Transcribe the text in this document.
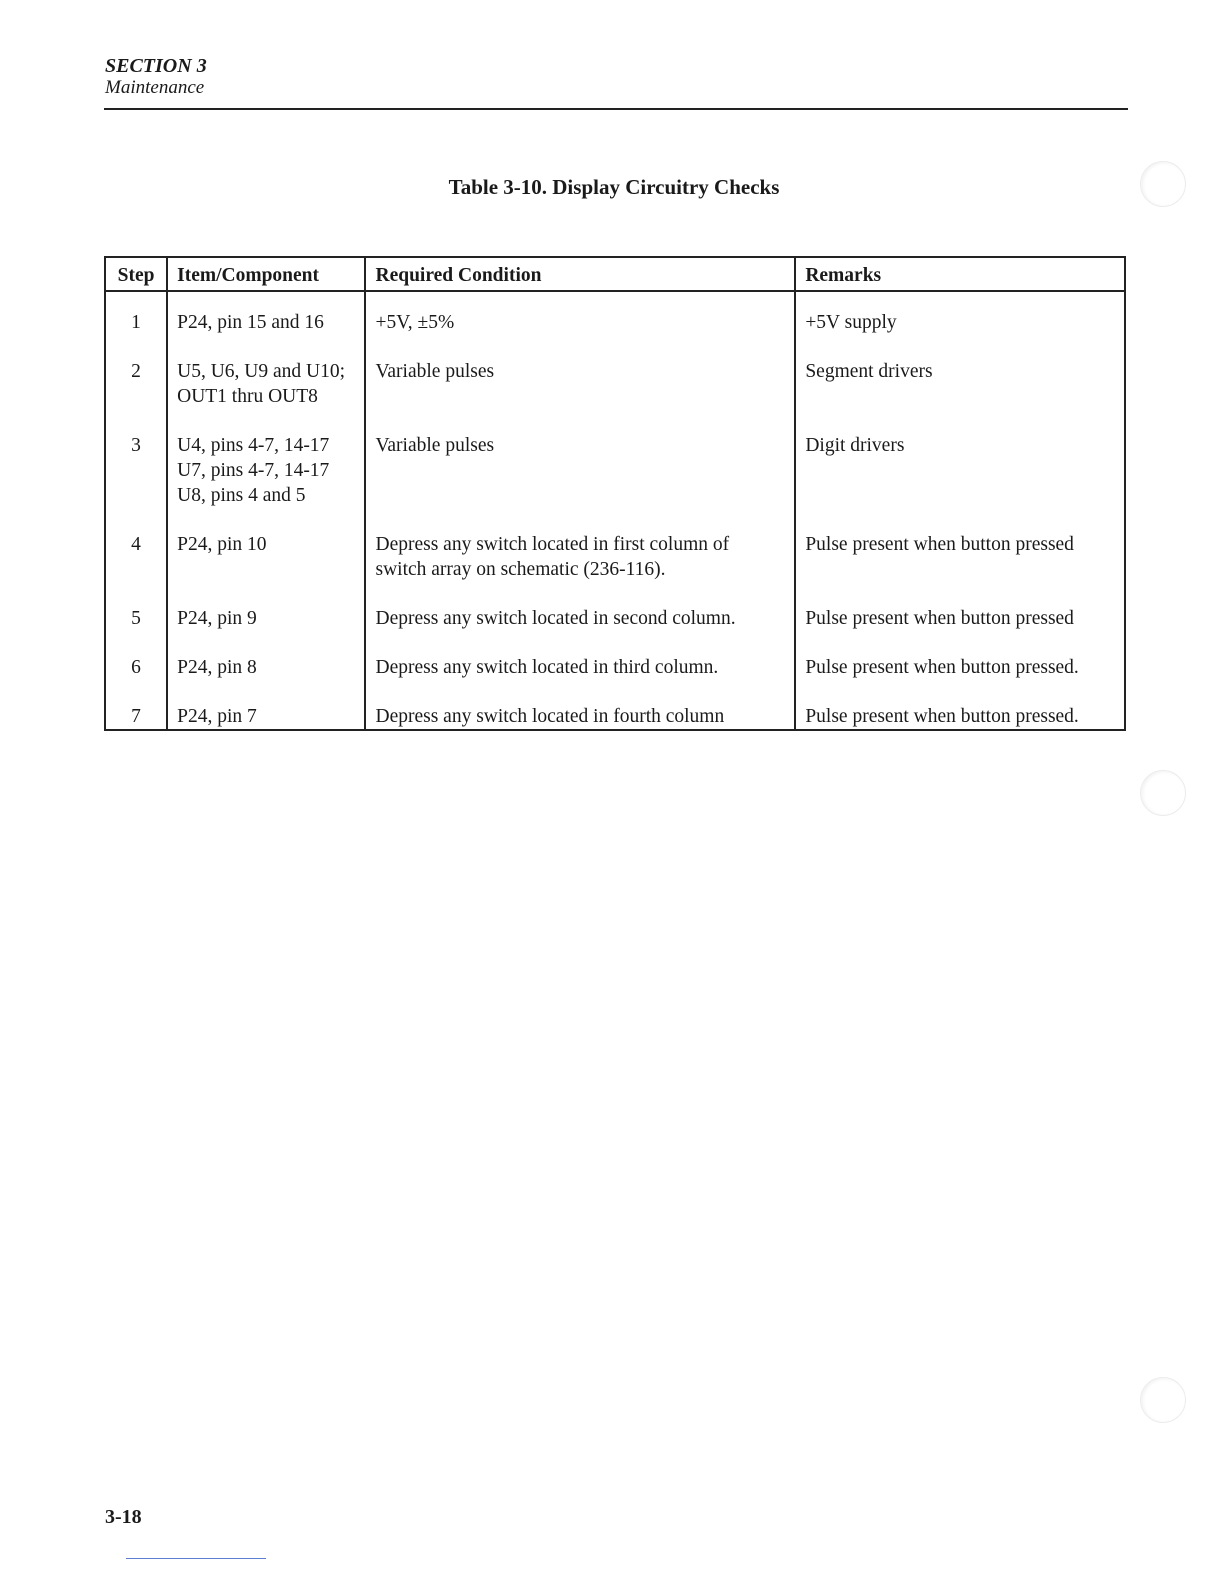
SECTION 3
Maintenance
Table 3-10. Display Circuitry Checks
Step	Item/Component	Required Condition	Remarks
1	P24, pin 15 and 16	+5V, ±5%	+5V supply

2	U5, U6, U9 and U10;
OUT1 thru OUT8	Variable pulses	Segment drivers

3	U4, pins 4-7, 14-17
U7, pins 4-7, 14-17
U8, pins 4 and 5	Variable pulses	Digit drivers

4	P24, pin 10	Depress any switch located in first column of
switch array on schematic (236-116).	Pulse present when button pressed

5	P24, pin 9	Depress any switch located in second column.	Pulse present when button pressed

6	P24, pin 8	Depress any switch located in third column.	Pulse present when button pressed.

7	P24, pin 7	Depress any switch located in fourth column	Pulse present when button pressed.
3-18
